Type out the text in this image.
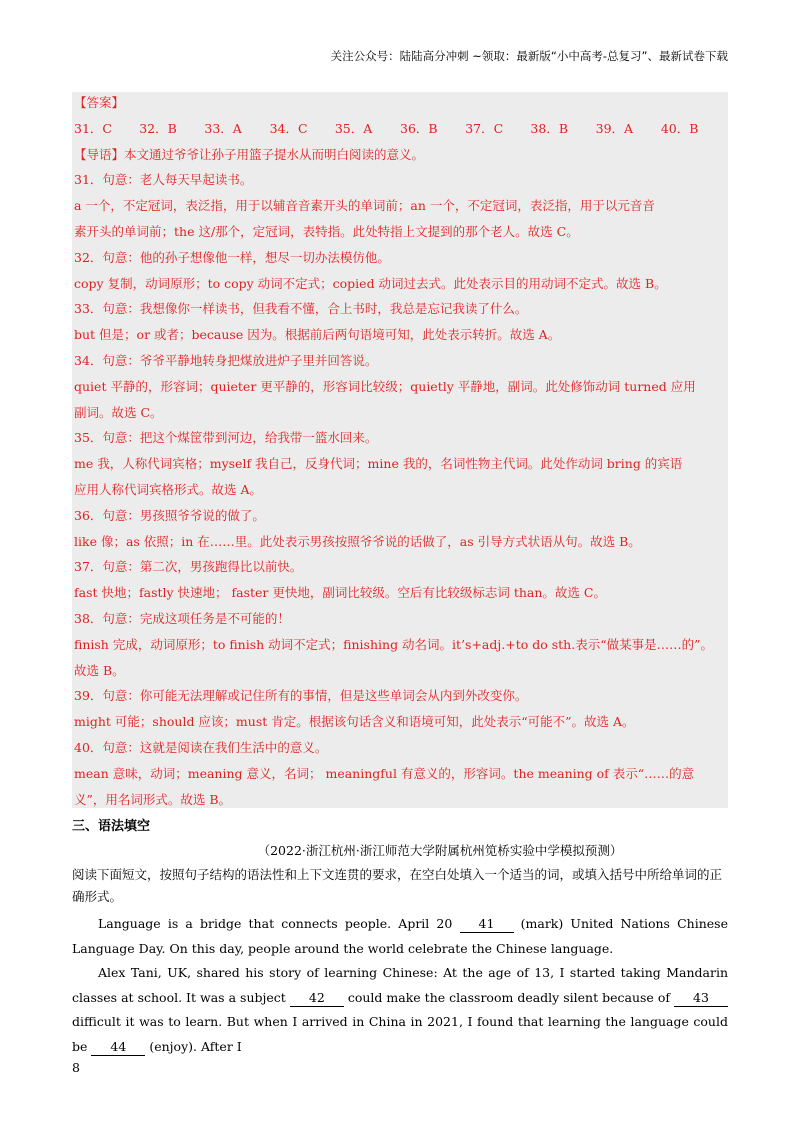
关注公众号：陆陆高分冲刺 ~领取：最新版“小中高考-总复习”、最新试卷下载
【答案】
31．C	32．B	33．A	34．C	35．A	36．B	37．C	38．B	39．A	40．B
【导语】本文通过爷爷让孙子用篮子提水从而明白阅读的意义。
31．句意：老人每天早起读书。
a 一个，不定冠词，表泛指，用于以辅音音素开头的单词前；an 一个，不定冠词，表泛指，用于以元音音
素开头的单词前；the 这/那个，定冠词，表特指。此处特指上文提到的那个老人。故选 C。
32．句意：他的孙子想像他一样，想尽一切办法模仿他。
copy 复制，动词原形；to copy 动词不定式；copied 动词过去式。此处表示目的用动词不定式。故选 B。
33．句意：我想像你一样读书，但我看不懂，合上书时，我总是忘记我读了什么。
but 但是；or 或者；because 因为。根据前后两句语境可知，此处表示转折。故选 A。
34．句意：爷爷平静地转身把煤放进炉子里并回答说。
quiet 平静的，形容词；quieter 更平静的，形容词比较级；quietly 平静地，副词。此处修饰动词 turned 应用
副词。故选 C。
35．句意：把这个煤筐带到河边，给我带一篮水回来。
me 我，人称代词宾格；myself 我自己，反身代词；mine 我的，名词性物主代词。此处作动词 bring 的宾语
应用人称代词宾格形式。故选 A。
36．句意：男孩照爷爷说的做了。
like 像；as 依照；in 在……里。此处表示男孩按照爷爷说的话做了，as 引导方式状语从句。故选 B。
37．句意：第二次，男孩跑得比以前快。
fast 快地；fastly 快速地； faster 更快地，副词比较级。空后有比较级标志词 than。故选 C。
38．句意：完成这项任务是不可能的！
finish 完成，动词原形；to finish 动词不定式；finishing 动名词。it’s+adj.+to do sth.表示“做某事是……的”。
故选 B。
39．句意：你可能无法理解或记住所有的事情，但是这些单词会从内到外改变你。
might 可能；should 应该；must 肯定。根据该句话含义和语境可知，此处表示“可能不”。故选 A。
40．句意：这就是阅读在我们生活中的意义。
mean 意味，动词；meaning 意义，名词； meaningful 有意义的，形容词。the meaning of 表示“……的意
义”，用名词形式。故选 B。
三、语法填空
（2022·浙江杭州·浙江师范大学附属杭州笕桥实验中学模拟预测）
阅读下面短文，按照句子结构的语法性和上下文连贯的要求，在空白处填入一个适当的词，或填入括号中所给单词的正确形式。

Language is a bridge that connects people. April 20 41 (mark) United Nations Chinese Language Day. On this day, people around the world celebrate the Chinese language.

Alex Tani, UK, shared his story of learning Chinese: At the age of 13, I started taking Mandarin classes at school. It was a subject 42 could make the classroom deadly silent because of 43 difficult it was to learn. But when I arrived in China in 2021, I found that learning the language could be 44 (enjoy). After I

8
